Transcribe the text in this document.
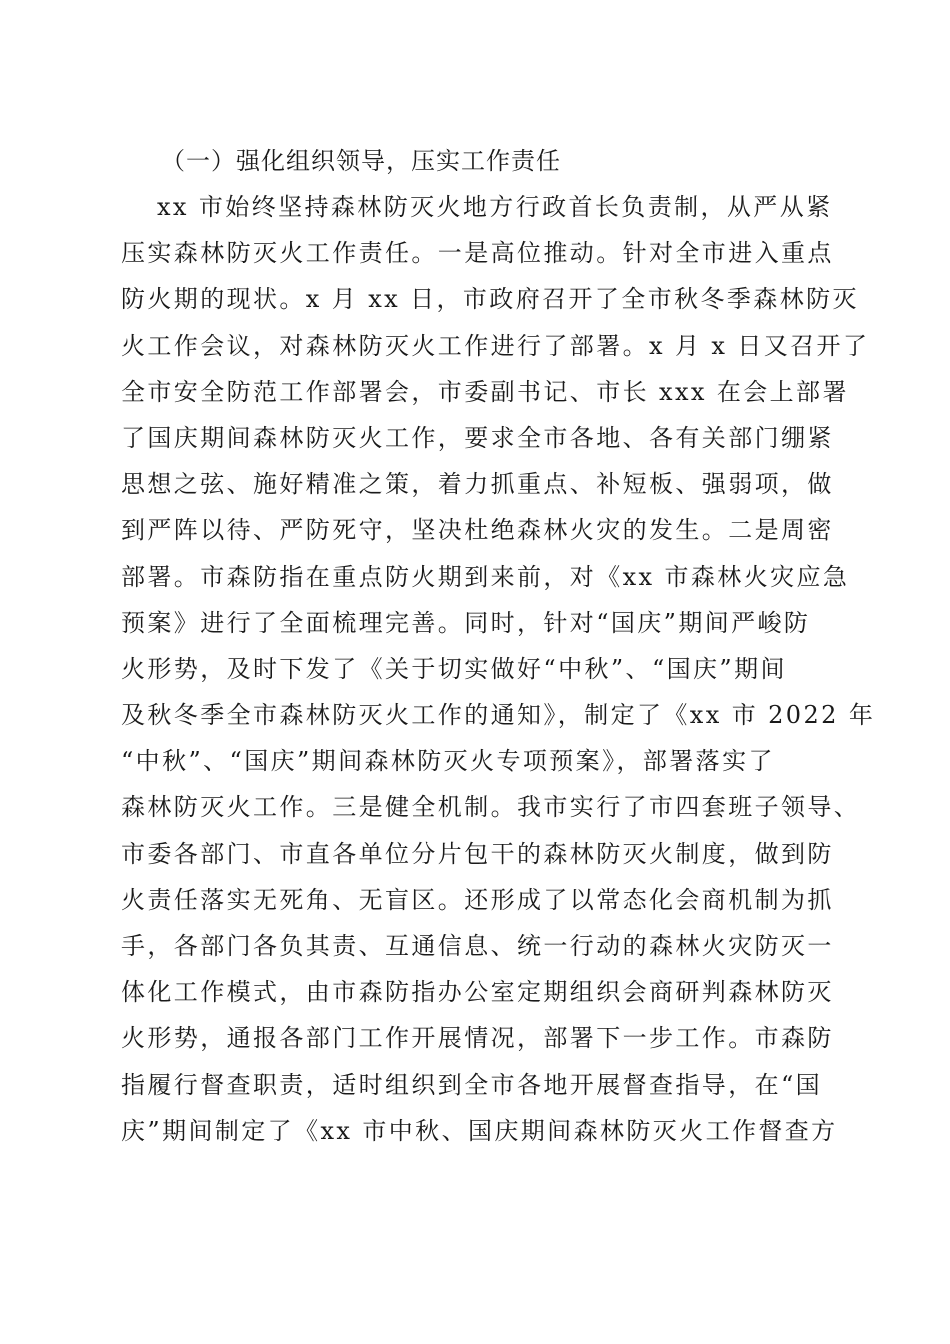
（一）强化组织领导，压实工作责任
xx 市始终坚持森林防灭火地方行政首长负责制，从严从紧
压实森林防灭火工作责任。一是高位推动。针对全市进入重点
防火期的现状。x 月 xx 日，市政府召开了全市秋冬季森林防灭
火工作会议，对森林防灭火工作进行了部署。x 月 x 日又召开了
全市安全防范工作部署会，市委副书记、市长 xxx 在会上部署
了国庆期间森林防灭火工作，要求全市各地、各有关部门绷紧
思想之弦、施好精准之策，着力抓重点、补短板、强弱项，做
到严阵以待、严防死守，坚决杜绝森林火灾的发生。二是周密
部署。市森防指在重点防火期到来前，对《xx 市森林火灾应急
预案》进行了全面梳理完善。同时，针对“国庆”期间严峻防
火形势，及时下发了《关于切实做好“中秋”、“国庆”期间
及秋冬季全市森林防灭火工作的通知》，制定了《xx 市 2022 年
“中秋”、“国庆”期间森林防灭火专项预案》，部署落实了
森林防灭火工作。三是健全机制。我市实行了市四套班子领导、
市委各部门、市直各单位分片包干的森林防灭火制度，做到防
火责任落实无死角、无盲区。还形成了以常态化会商机制为抓
手，各部门各负其责、互通信息、统一行动的森林火灾防灭一
体化工作模式，由市森防指办公室定期组织会商研判森林防灭
火形势，通报各部门工作开展情况，部署下一步工作。市森防
指履行督查职责，适时组织到全市各地开展督查指导，在“国
庆”期间制定了《xx 市中秋、国庆期间森林防灭火工作督查方
